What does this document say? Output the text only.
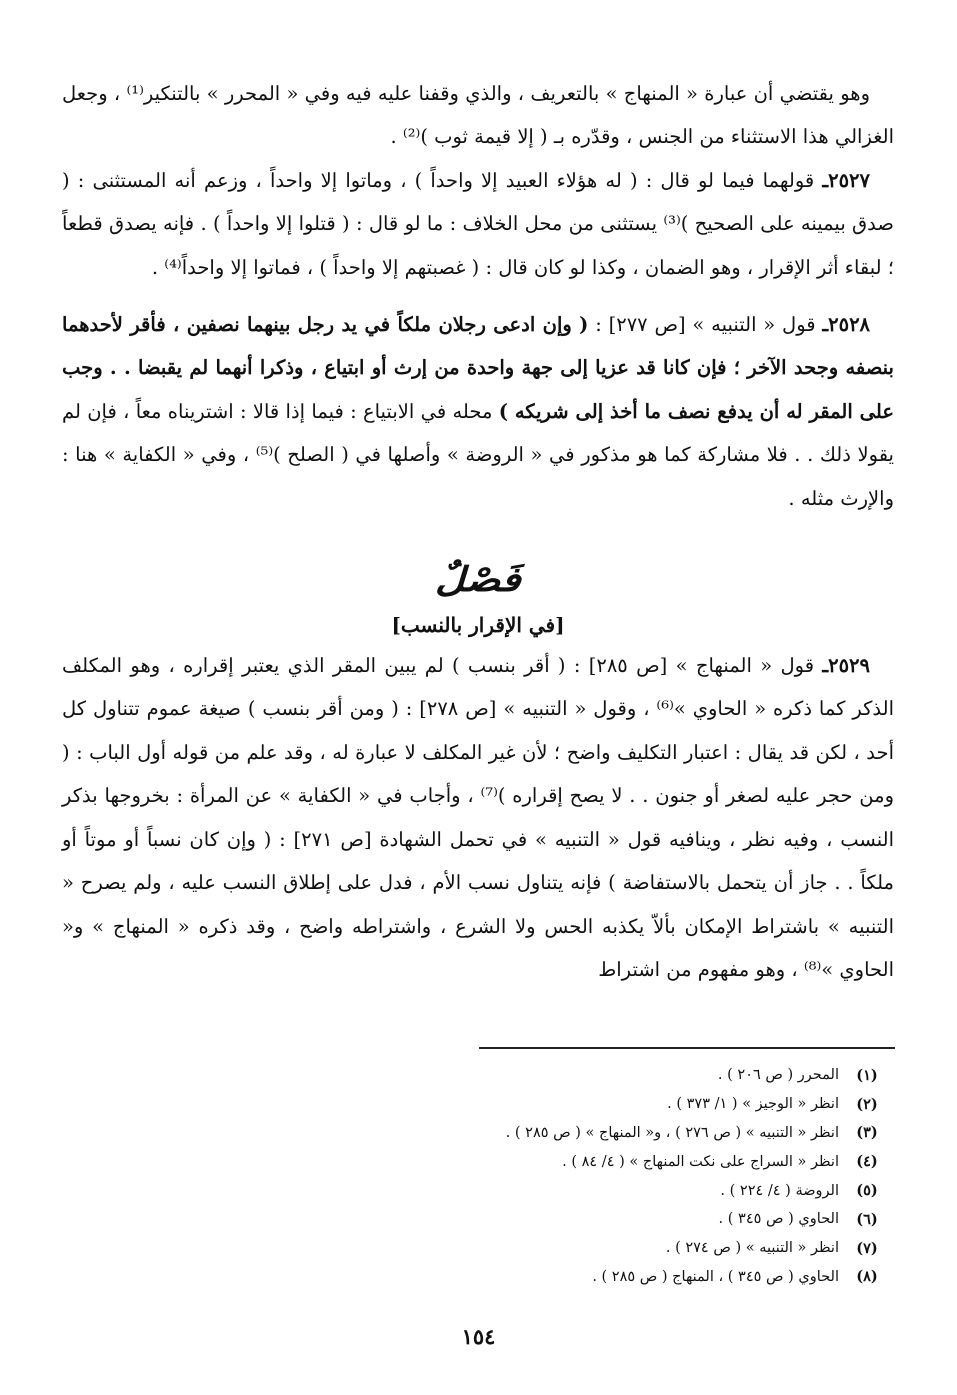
وهو يقتضي أن عبارة « المنهاج » بالتعريف ، والذي وقفنا عليه فيه وفي « المحرر » بالتنكير⁽¹⁾ ، وجعل الغزالي هذا الاستثناء من الجنس ، وقدّره بـ ( إلا قيمة ثوب )⁽²⁾ .

٢٥٢٧ـ قولهما فيما لو قال : ( له هؤلاء العبيد إلا واحداً ) ، وماتوا إلا واحداً ، وزعم أنه المستثنى : ( صدق بيمينه على الصحيح )⁽³⁾ يستثنى من محل الخلاف : ما لو قال : ( قتلوا إلا واحداً ) . فإنه يصدق قطعاً ؛ لبقاء أثر الإقرار ، وهو الضمان ، وكذا لو كان قال : ( غصبتهم إلا واحداً ) ، فماتوا إلا واحداً⁽⁴⁾ .

٢٥٢٨ـ قول « التنبيه » [ص ٢٧٧] : ( وإن ادعى رجلان ملكاً في يد رجل بينهما نصفين ، فأقر لأحدهما بنصفه وجحد الآخر ؛ فإن كانا قد عزيا إلى جهة واحدة من إرث أو ابتياع ، وذكرا أنهما لم يقبضا . . وجب على المقر له أن يدفع نصف ما أخذ إلى شريكه ) محله في الابتياع : فيما إذا قالا : اشتريناه معاً ، فإن لم يقولا ذلك . . فلا مشاركة كما هو مذكور في « الروضة » وأصلها في ( الصلح )⁽⁵⁾ ، وفي « الكفاية » هنا : والإرث مثله .

فَصْلٌ
[في الإقرار بالنسب]

٢٥٢٩ـ قول « المنهاج » [ص ٢٨٥] : ( أقر بنسب ) لم يبين المقر الذي يعتبر إقراره ، وهو المكلف الذكر كما ذكره « الحاوي »⁽⁶⁾ ، وقول « التنبيه » [ص ٢٧٨] : ( ومن أقر بنسب ) صيغة عموم تتناول كل أحد ، لكن قد يقال : اعتبار التكليف واضح ؛ لأن غير المكلف لا عبارة له ، وقد علم من قوله أول الباب : ( ومن حجر عليه لصغر أو جنون . . لا يصح إقراره )⁽⁷⁾ ، وأجاب في « الكفاية » عن المرأة : بخروجها بذكر النسب ، وفيه نظر ، وينافيه قول « التنبيه » في تحمل الشهادة [ص ٢٧١] : ( وإن كان نسباً أو موتاً أو ملكاً . . جاز أن يتحمل بالاستفاضة ) فإنه يتناول نسب الأم ، فدل على إطلاق النسب عليه ، ولم يصرح « التنبيه » باشتراط الإمكان بألاّ يكذبه الحس ولا الشرع ، واشتراطه واضح ، وقد ذكره « المنهاج » و« الحاوي »⁽⁸⁾ ، وهو مفهوم من اشتراط

(١)
المحرر ( ص ٢٠٦ ) .
(٢)
انظر « الوجيز » ( ١/ ٣٧٣ ) .
(٣)
انظر « التنبيه » ( ص ٢٧٦ ) ، و« المنهاج » ( ص ٢٨٥ ) .
(٤)
انظر « السراج على نكت المنهاج » ( ٤/ ٨٤ ) .
(٥)
الروضة ( ٤/ ٢٢٤ ) .
(٦)
الحاوي ( ص ٣٤٥ ) .
(٧)
انظر « التنبيه » ( ص ٢٧٤ ) .
(٨)
الحاوي ( ص ٣٤٥ ) ، المنهاج ( ص ٢٨٥ ) .
١٥٤
